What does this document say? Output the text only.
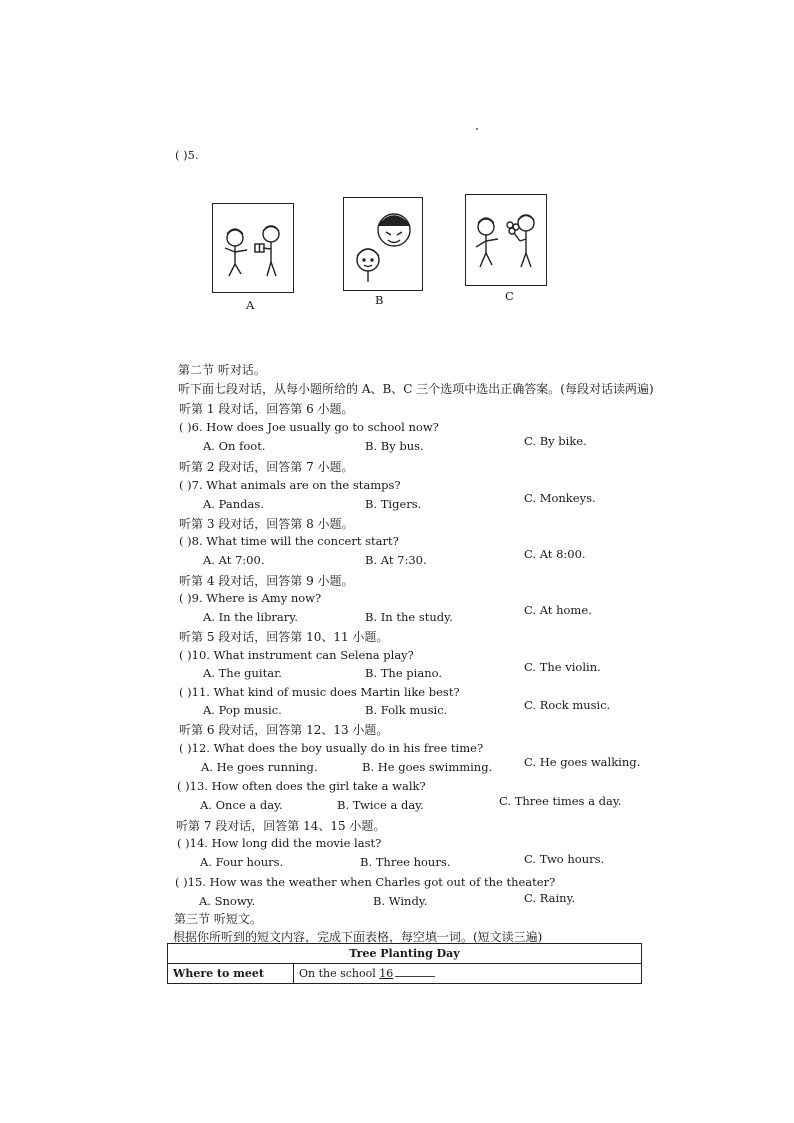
( )5.
A	B	C
第二节 听对话。
听下面七段对话，从每小题所给的 A、B、C 三个选项中选出正确答案。(每段对话读两遍)
听第 1 段对话，回答第 6 小题。
( )6. How does Joe usually go to school now?
A. On foot.	B. By bus.	C. By bike.
听第 2 段对话，回答第 7 小题。
( )7. What animals are on the stamps?
A. Pandas.	B. Tigers.	C. Monkeys.
听第 3 段对话，回答第 8 小题。
( )8. What time will the concert start?
A. At 7:00.	B. At 7:30.	C. At 8:00.
听第 4 段对话，回答第 9 小题。
( )9. Where is Amy now?
A. In the library.	B. In the study.	C. At home.
听第 5 段对话，回答第 10、11 小题。
( )10. What instrument can Selena play?
A. The guitar.	B. The piano.	C. The violin.
( )11. What kind of music does Martin like best?
A. Pop music.	B. Folk music.	C. Rock music.
听第 6 段对话，回答第 12、13 小题。
( )12. What does the boy usually do in his free time?
A. He goes running.	B. He goes swimming.	C. He goes walking.
( )13. How often does the girl take a walk?
A. Once a day.	B. Twice a day.	C. Three times a day.
听第 7 段对话，回答第 14、15 小题。
( )14. How long did the movie last?
A. Four hours.	B. Three hours.	C. Two hours.
( )15. How was the weather when Charles got out of the theater?
A. Snowy.	B. Windy.	C. Rainy.
第三节 听短文。
根据你所听到的短文内容，完成下面表格，每空填一词。(短文读三遍)
Tree Planting Day
Where to meet	On the school 16
